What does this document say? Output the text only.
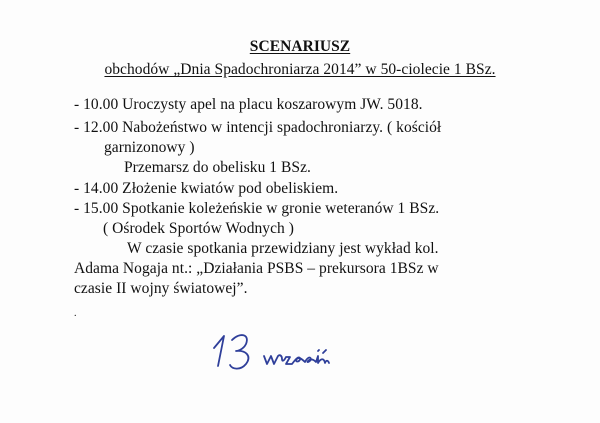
SCENARIUSZ
obchodów „Dnia Spadochroniarza 2014” w 50-ciolecie 1 BSz.
- 10.00 Uroczysty apel na placu koszarowym JW. 5018.
- 12.00 Nabożeństwo w intencji spadochroniarzy. ( kościół
garnizonowy )
Przemarsz do obelisku 1 BSz.
- 14.00 Złożenie kwiatów pod obeliskiem.
- 15.00 Spotkanie koleżeńskie w gronie weteranów 1 BSz.
( Ośrodek Sportów Wodnych )
W czasie spotkania przewidziany jest wykład kol.
Adama Nogaja nt.: „Działania PSBS – prekursora 1BSz w
czasie II wojny światowej”.
.
